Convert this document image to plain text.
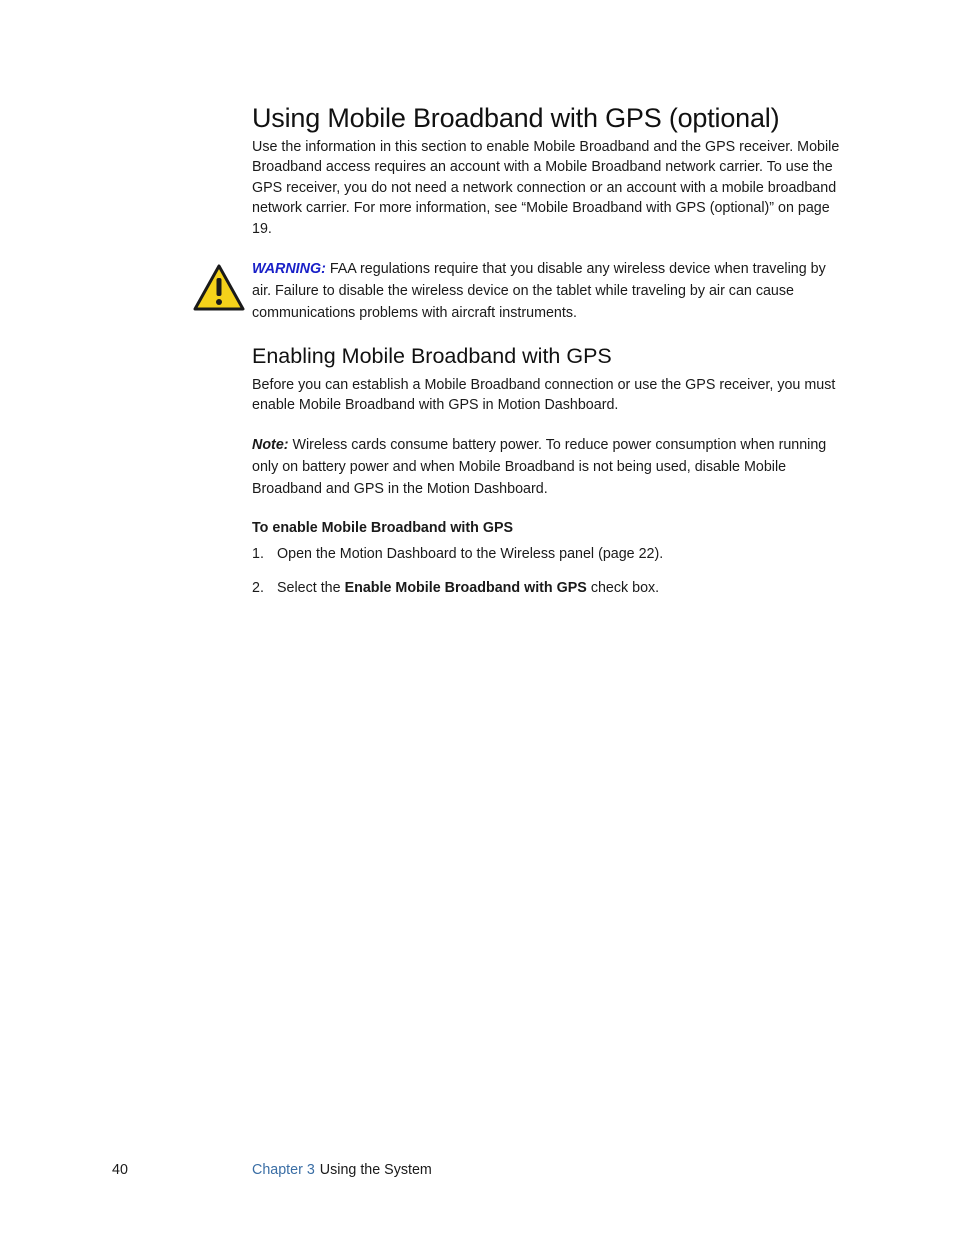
Using Mobile Broadband with GPS (optional)

Use the information in this section to enable Mobile Broadband and the GPS receiver. Mobile Broadband access requires an account with a Mobile Broadband network carrier. To use the GPS receiver, you do not need a network connection or an account with a mobile broadband network carrier. For more information, see “Mobile Broadband with GPS (optional)” on page 19.

WARNING: FAA regulations require that you disable any wireless device when traveling by air. Failure to disable the wireless device on the tablet while traveling by air can cause communications problems with aircraft instruments.

Enabling Mobile Broadband with GPS

Before you can establish a Mobile Broadband connection or use the GPS receiver, you must enable Mobile Broadband with GPS in Motion Dashboard.

Note: Wireless cards consume battery power. To reduce power consumption when running only on battery power and when Mobile Broadband is not being used, disable Mobile Broadband and GPS in the Motion Dashboard.

To enable Mobile Broadband with GPS

1. Open the Motion Dashboard to the Wireless panel (page 22).

2. Select the Enable Mobile Broadband with GPS check box.

40	Chapter 3 Using the System
